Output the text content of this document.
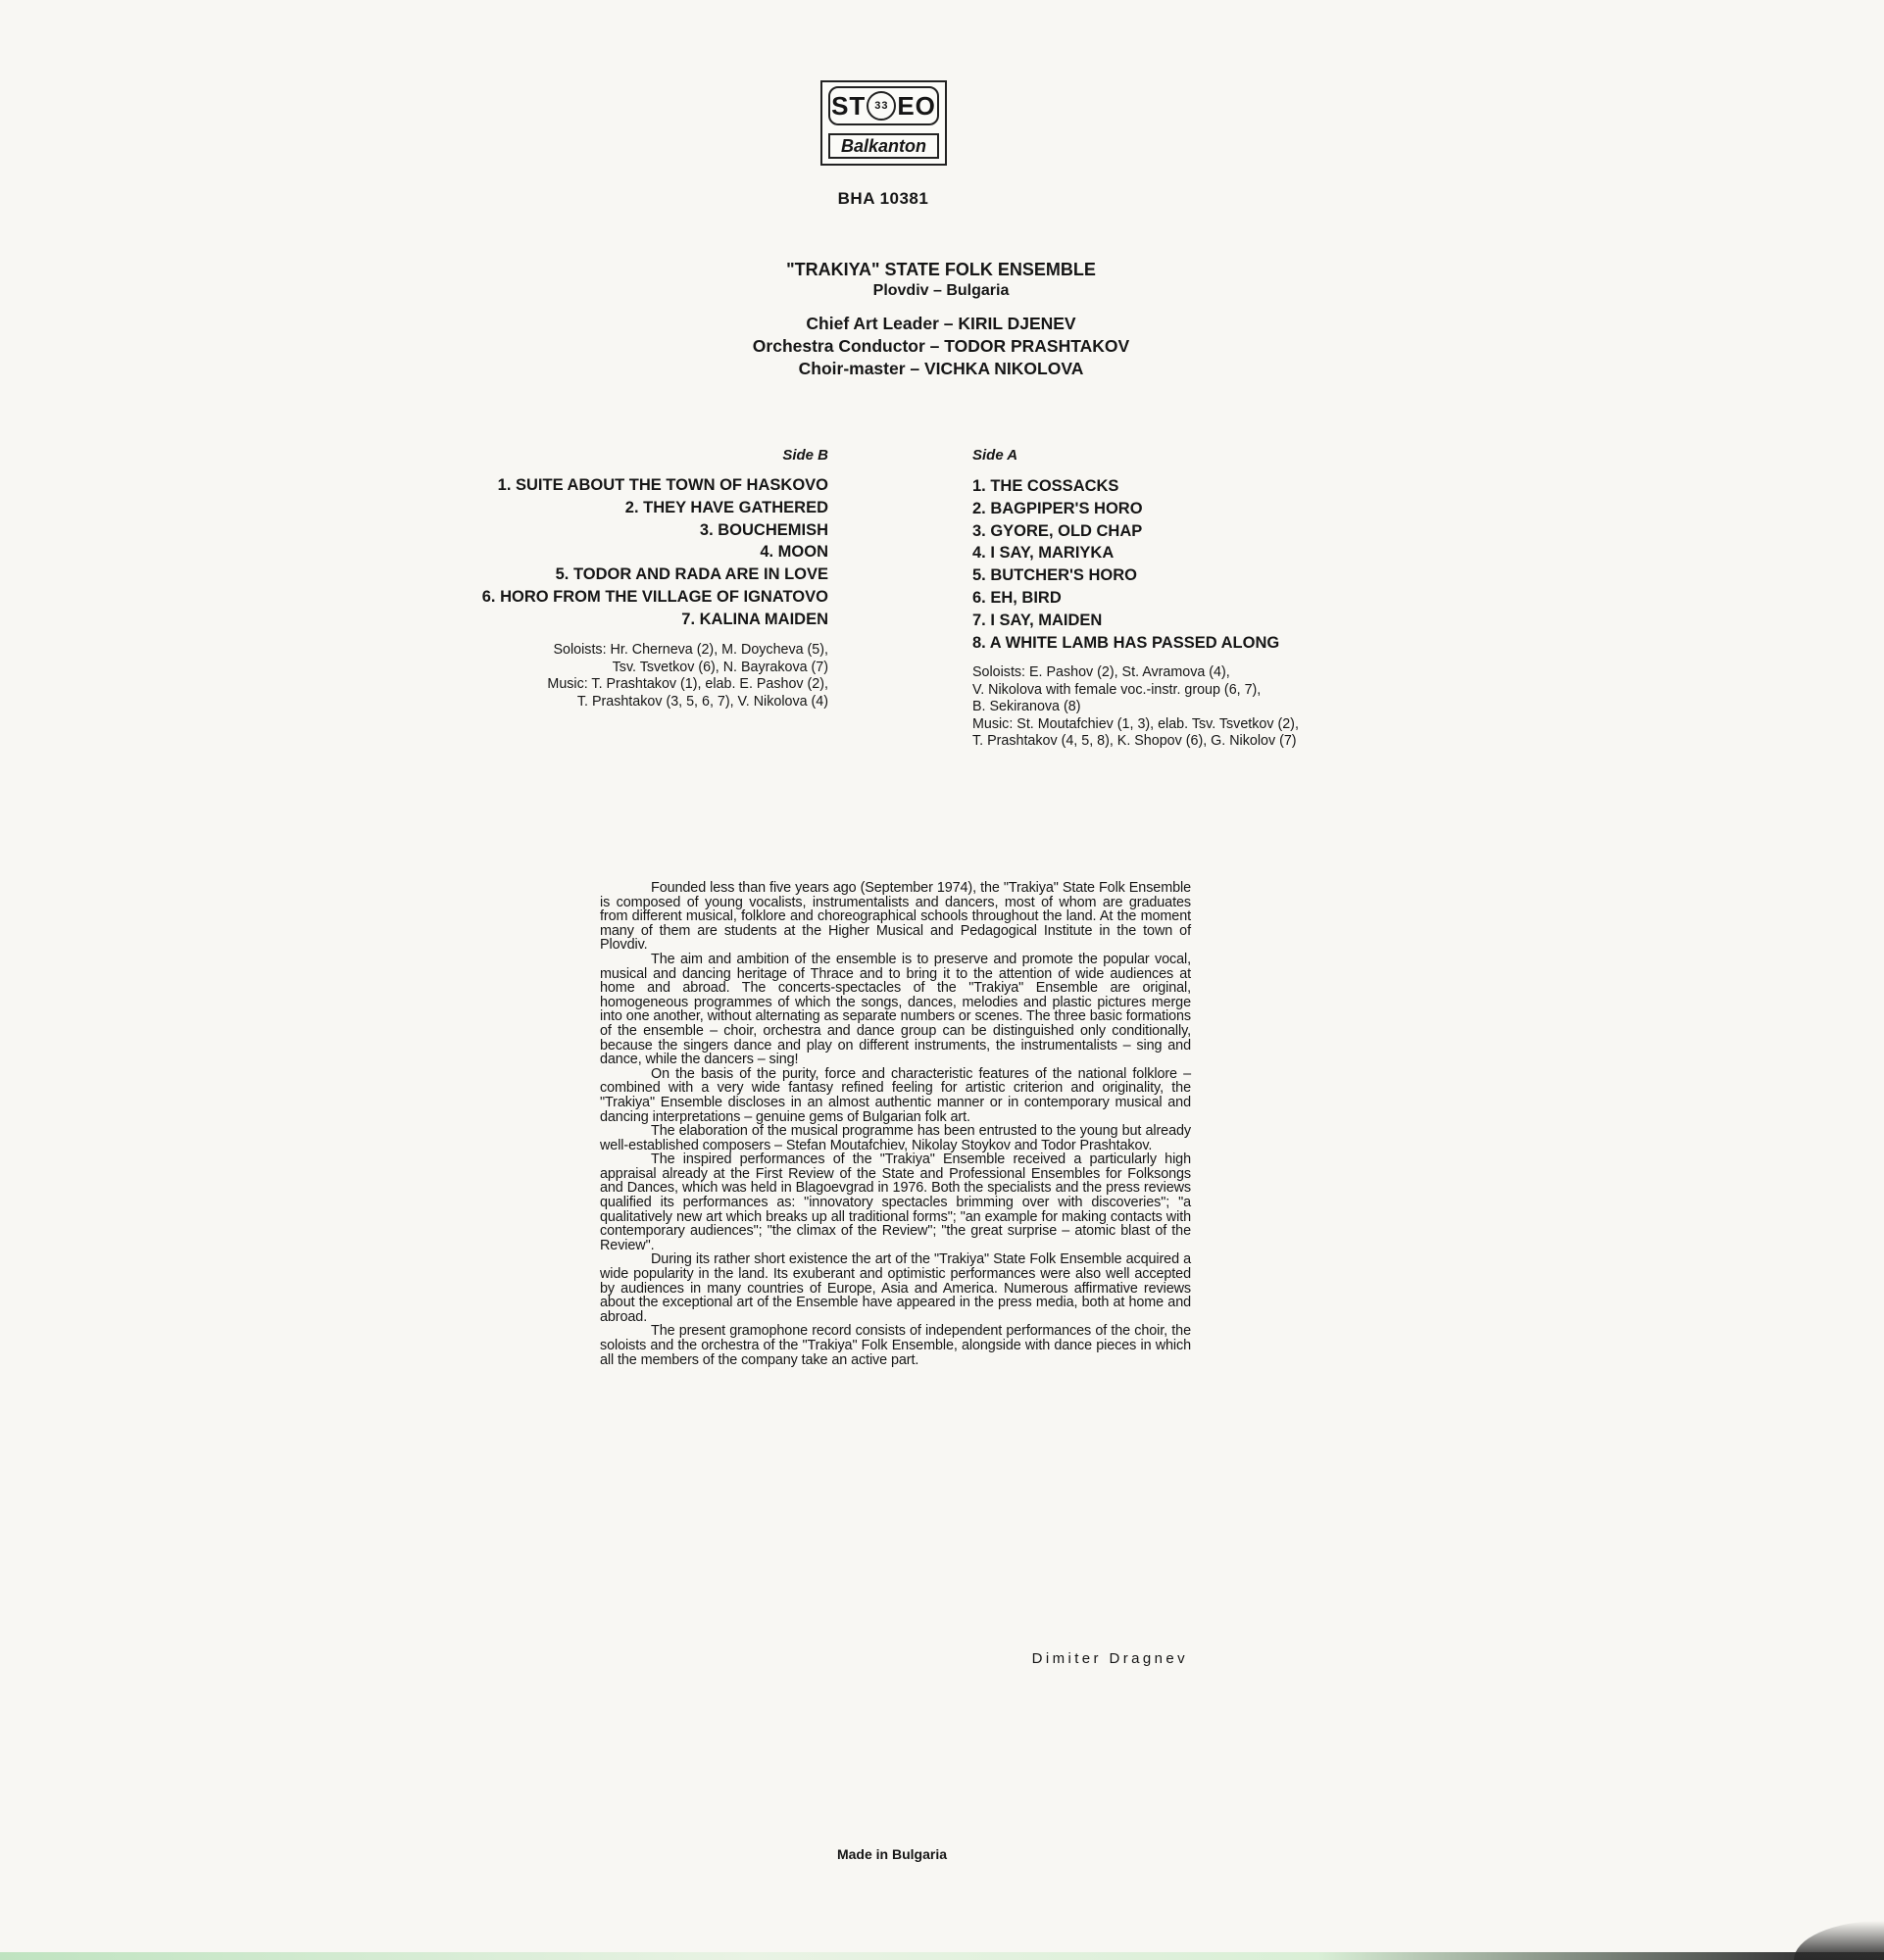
ST 33 EO
Balkanton
BHA 10381
"TRAKIYA" STATE FOLK ENSEMBLE
Plovdiv – Bulgaria
Chief Art Leader – KIRIL DJENEV
Orchestra Conductor – TODOR PRASHTAKOV
Choir-master – VICHKA NIKOLOVA
Side B	Side A
1. SUITE ABOUT THE TOWN OF HASKOVO
2. THEY HAVE GATHERED
3. BOUCHEMISH
4. MOON
5. TODOR AND RADA ARE IN LOVE
6. HORO FROM THE VILLAGE OF IGNATOVO
7. KALINA MAIDEN
1. THE COSSACKS
2. BAGPIPER'S HORO
3. GYORE, OLD CHAP
4. I SAY, MARIYKA
5. BUTCHER'S HORO
6. EH, BIRD
7. I SAY, MAIDEN
8. A WHITE LAMB HAS PASSED ALONG
Soloists: Hr. Cherneva (2), M. Doycheva (5),
Tsv. Tsvetkov (6), N. Bayrakova (7)
Music: T. Prashtakov (1), elab. E. Pashov (2),
T. Prashtakov (3, 5, 6, 7), V. Nikolova (4)
Soloists: E. Pashov (2), St. Avramova (4),
V. Nikolova with female voc.-instr. group (6, 7),
B. Sekiranova (8)
Music: St. Moutafchiev (1, 3), elab. Tsv. Tsvetkov (2),
T. Prashtakov (4, 5, 8), K. Shopov (6), G. Nikolov (7)

Founded less than five years ago (September 1974), the "Trakiya" State Folk Ensemble is composed of young vocalists, instrumentalists and dancers, most of whom are graduates from different musical, folklore and choreographical schools throughout the land. At the moment many of them are students at the Higher Musical and Pedagogical Institute in the town of Plovdiv.

The aim and ambition of the ensemble is to preserve and promote the popular vocal, musical and dancing heritage of Thrace and to bring it to the attention of wide audiences at home and abroad. The concerts-spectacles of the "Trakiya" Ensemble are original, homogeneous programmes of which the songs, dances, melodies and plastic pictures merge into one another, without alternating as separate numbers or scenes. The three basic formations of the ensemble – choir, orchestra and dance group can be distinguished only conditionally, because the singers dance and play on different instruments, the instrumentalists – sing and dance, while the dancers – sing!

On the basis of the purity, force and characteristic features of the national folklore – combined with a very wide fantasy refined feeling for artistic criterion and originality, the "Trakiya" Ensemble discloses in an almost authentic manner or in contemporary musical and dancing interpretations – genuine gems of Bulgarian folk art.

The elaboration of the musical programme has been entrusted to the young but already well-established composers – Stefan Moutafchiev, Nikolay Stoykov and Todor Prashtakov.

The inspired performances of the "Trakiya" Ensemble received a particularly high appraisal already at the First Review of the State and Professional Ensembles for Folksongs and Dances, which was held in Blagoevgrad in 1976. Both the specialists and the press reviews qualified its performances as: "innovatory spectacles brimming over with discoveries"; "a qualitatively new art which breaks up all traditional forms"; "an example for making contacts with contemporary audiences"; "the climax of the Review"; "the great surprise – atomic blast of the Review".

During its rather short existence the art of the "Trakiya" State Folk Ensemble acquired a wide popularity in the land. Its exuberant and optimistic performances were also well accepted by audiences in many countries of Europe, Asia and America. Numerous affirmative reviews about the exceptional art of the Ensemble have appeared in the press media, both at home and abroad.

The present gramophone record consists of independent performances of the choir, the soloists and the orchestra of the "Trakiya" Folk Ensemble, alongside with dance pieces in which all the members of the company take an active part.

Dimiter Dragnev
Made in Bulgaria
